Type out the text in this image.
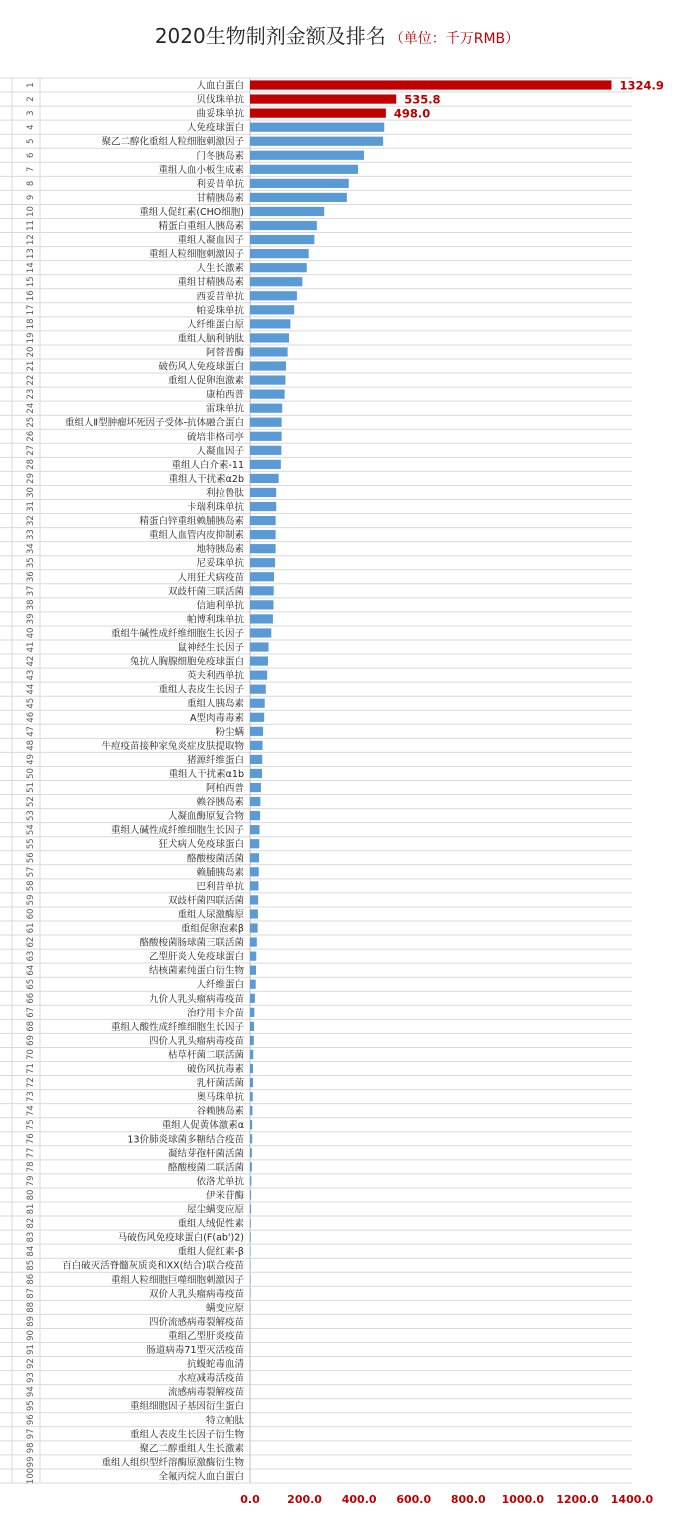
2020生物制剂金额及排名 （单位：千万RMB）
人血白蛋白
1	1324.9
贝伐珠单抗
2	535.8
曲妥珠单抗
3	498.0
人免疫球蛋白
4
聚乙二醇化重组人粒细胞刺激因子
5
门冬胰岛素
6
重组人血小板生成素
7
利妥昔单抗
8
甘精胰岛素
9
重组人促红素(CHO细胞)
10
精蛋白重组人胰岛素
11
重组人凝血因子
12
重组人粒细胞刺激因子
13
人生长激素
14
重组甘精胰岛素
15
西妥昔单抗
16
帕妥珠单抗
17
人纤维蛋白原
18
重组人脑利钠肽
19
阿替普酶
20
破伤风人免疫球蛋白
21
重组人促卵泡激素
22
康柏西普
23
雷珠单抗
24
重组人Ⅱ型肿瘤坏死因子受体-抗体融合蛋白
25
硫培非格司亭
26
人凝血因子
27
重组人白介素-11
28
重组人干扰素α2b
29
利拉鲁肽
30
卡瑞利珠单抗
31
精蛋白锌重组赖脯胰岛素
32
重组人血管内皮抑制素
33
地特胰岛素
34
尼妥珠单抗
35
人用狂犬病疫苗
36
双歧杆菌三联活菌
37
信迪利单抗
38
帕博利珠单抗
39
重组牛碱性成纤维细胞生长因子
40
鼠神经生长因子
41
兔抗人胸腺细胞免疫球蛋白
42
英夫利西单抗
43
重组人表皮生长因子
44
重组人胰岛素
45
A型肉毒毒素
46
粉尘螨
47
牛痘疫苗接种家兔炎症皮肤提取物
48
猪源纤维蛋白
49
重组人干扰素α1b
50
阿柏西普
51
赖谷胰岛素
52
人凝血酶原复合物
53
重组人碱性成纤维细胞生长因子
54
狂犬病人免疫球蛋白
55
酪酸梭菌活菌
56
赖脯胰岛素
57
巴利昔单抗
58
双歧杆菌四联活菌
59
重组人尿激酶原
60
重组促卵泡素β
61
酪酸梭菌肠球菌三联活菌
62
乙型肝炎人免疫球蛋白
63
结核菌素纯蛋白衍生物
64
人纤维蛋白
65
九价人乳头瘤病毒疫苗
66
治疗用卡介苗
67
重组人酸性成纤维细胞生长因子
68
四价人乳头瘤病毒疫苗
69
枯草杆菌二联活菌
70
破伤风抗毒素
71
乳杆菌活菌
72
奥马珠单抗
73
谷赖胰岛素
74
重组人促黄体激素α
75
13价肺炎球菌多糖结合疫苗
76
凝结芽孢杆菌活菌
77
酪酸梭菌二联活菌
78
依洛尤单抗
79
伊米苷酶
80
屋尘螨变应原
81
重组人绒促性素
82
马破伤风免疫球蛋白(F(ab')2)
83
重组人促红素-β
84
百白破灭活脊髓灰质炎和XX(结合)联合疫苗
85
重组人粒细胞巨噬细胞刺激因子
86
双价人乳头瘤病毒疫苗
87
螨变应原
88
四价流感病毒裂解疫苗
89
重组乙型肝炎疫苗
90
肠道病毒71型灭活疫苗
91
抗蝮蛇毒血清
92
水痘减毒活疫苗
93
流感病毒裂解疫苗
94
重组细胞因子基因衍生蛋白
95
特立帕肽
96
重组人表皮生长因子衍生物
97
聚乙二醇重组人生长激素
98
重组人组织型纤溶酶原激酶衍生物
99
全氟丙烷人血白蛋白
100
0.0 200.0 400.0 600.0 800.0 1000.0 1200.0 1400.0
